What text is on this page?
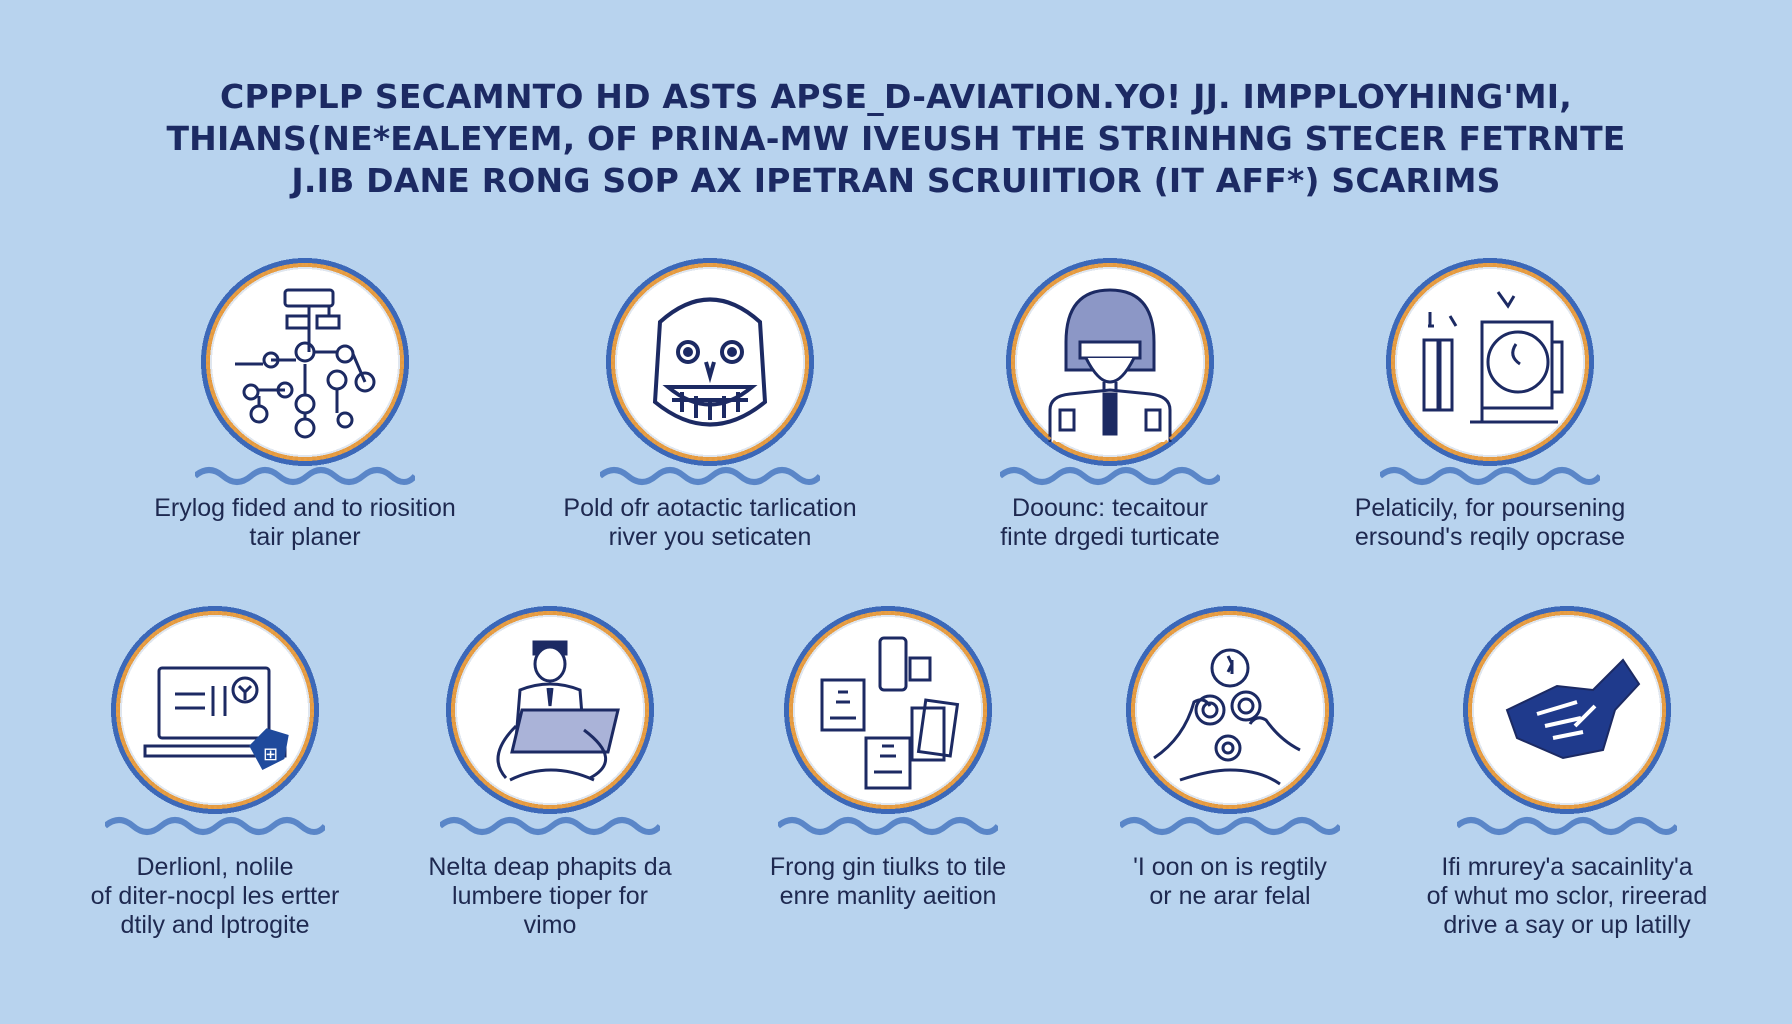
CPPPLP SECAMNTO HD ASTS APSE_D-AVIATION.YO! JJ. IMPPLOYHING'MI,
THIANS(NE*EALEYEM, OF PRINA-MW IVEUSH THE STRINHNG STECER FETRNTE
J.IB DANE RONG SOP AX IPETRAN SCRUIITIOR (IT AFF*) SCARIMS
Erylog fided and to riosition
tair planer
Pold ofr aotactic tarlication
river you seticaten
Doounc: tecaitour
finte drgedi turticate
Pelaticily, for poursening
ersound's reqily opcrase
⊞
Derlionl, nolile
of diter-nocpl les ertter
dtily and lptrogite
Nelta deap phapits da
lumbere tioper for
vimo
Frong gin tiulks to tile
enre manlity aeition
'I oon on is regtily
or ne arar felal
Ifi mrurey'a sacainlity'a
of whut mo sclor, rireerad
drive a say or up latilly
